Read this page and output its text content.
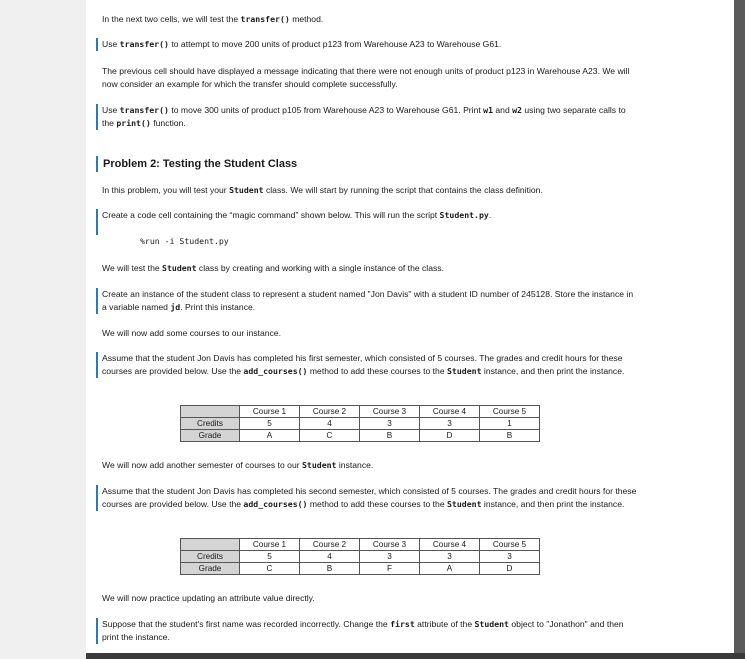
In the next two cells, we will test the transfer() method.

Use transfer() to attempt to move 200 units of product p123 from Warehouse A23 to Warehouse G61.

The previous cell should have displayed a message indicating that there were not enough units of product p123 in Warehouse A23. We will now consider an example for which the transfer should complete successfully.

Use transfer() to move 300 units of product p105 from Warehouse A23 to Warehouse G61. Print w1 and w2 using two separate calls to the print() function.

Problem 2: Testing the Student Class

In this problem, you will test your Student class. We will start by running the script that contains the class definition.

Create a code cell containing the “magic command” shown below. This will run the script Student.py.

%run -i Student.py

We will test the Student class by creating and working with a single instance of the class.

Create an instance of the student class to represent a student named "Jon Davis" with a student ID number of 245128. Store the instance in a variable named jd. Print this instance.

We will now add some courses to our instance.

Assume that the student Jon Davis has completed his first semester, which consisted of 5 courses. The grades and credit hours for these courses are provided below. Use the add_courses() method to add these courses to the Student instance, and then print the instance.

	Course 1	Course 2	Course 3	Course 4	Course 5
Credits	5	4	3	3	1
Grade	A	C	B	D	B

We will now add another semester of courses to our Student instance.

Assume that the student Jon Davis has completed his second semester, which consisted of 5 courses. The grades and credit hours for these courses are provided below. Use the add_courses() method to add these courses to the Student instance, and then print the instance.

	Course 1	Course 2	Course 3	Course 4	Course 5
Credits	5	4	3	3	3
Grade	C	B	F	A	D

We will now practice updating an attribute value directly.

Suppose that the student's first name was recorded incorrectly. Change the first attribute of the Student object to "Jonathon" and then print the instance.
